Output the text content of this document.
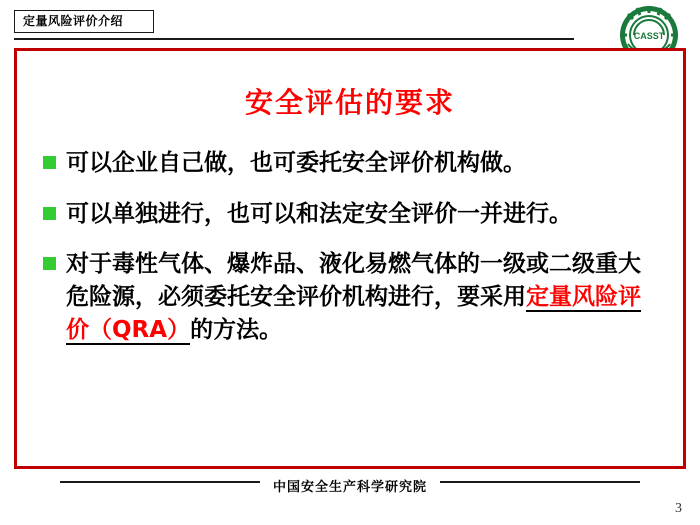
定量风险评价介绍
CASST
安全评估的要求
可以企业自己做，也可委托安全评价机构做。
可以单独进行，也可以和法定安全评价一并进行。
对于毒性气体、爆炸品、液化易燃气体的一级或二级重大危险源，必须委托安全评价机构进行，要采用定量风险评价（QRA）的方法。
中国安全生产科学研究院
3
